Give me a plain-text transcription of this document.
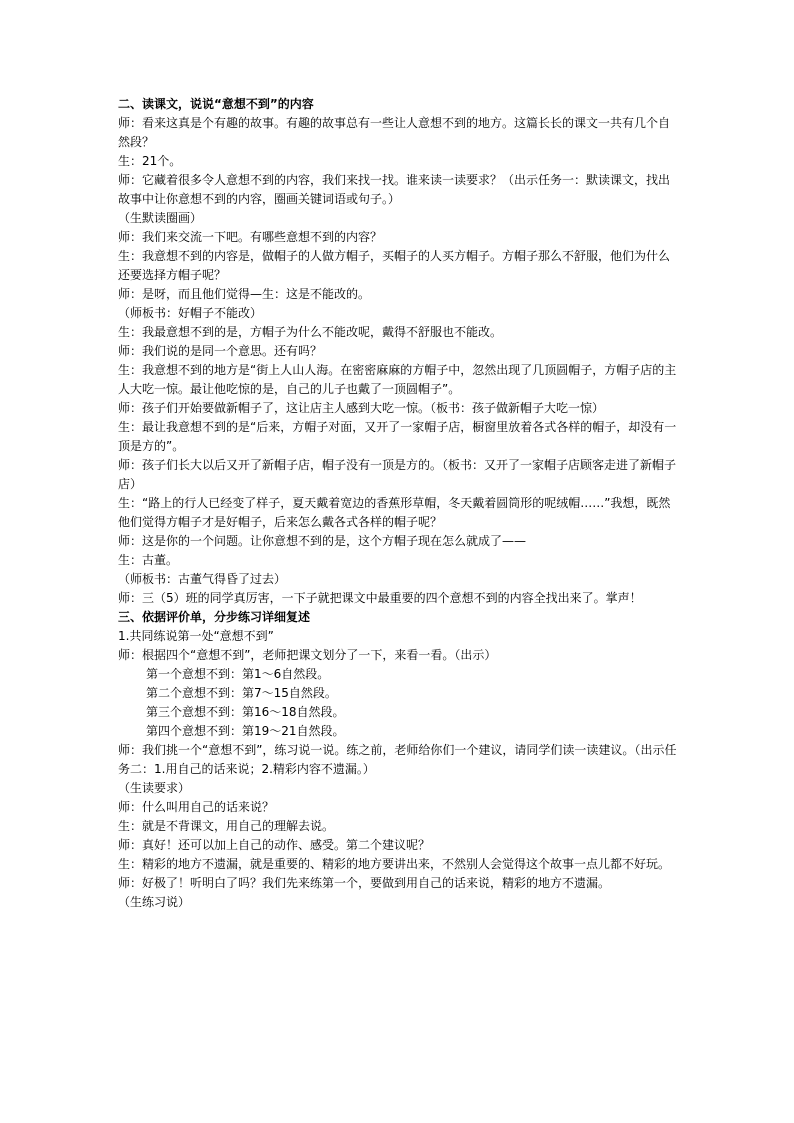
二、读课文，说说“意想不到”的内容

师：看来这真是个有趣的故事。有趣的故事总有一些让人意想不到的地方。这篇长长的课文一共有几个自然段？

生：21个。

师：它藏着很多令人意想不到的内容，我们来找一找。谁来读一读要求？（出示任务一：默读课文，找出故事中让你意想不到的内容，圈画关键词语或句子。）

（生默读圈画）

师：我们来交流一下吧。有哪些意想不到的内容？

生：我意想不到的内容是，做帽子的人做方帽子，买帽子的人买方帽子。方帽子那么不舒服，他们为什么还要选择方帽子呢？

师：是呀，而且他们觉得—生：这是不能改的。

（师板书：好帽子不能改）

生：我最意想不到的是，方帽子为什么不能改呢，戴得不舒服也不能改。

师：我们说的是同一个意思。还有吗？

生：我意想不到的地方是“街上人山人海。在密密麻麻的方帽子中，忽然出现了几顶圆帽子，方帽子店的主人大吃一惊。最让他吃惊的是，自己的儿子也戴了一顶圆帽子”。

师：孩子们开始要做新帽子了，这让店主人感到大吃一惊。（板书：孩子做新帽子大吃一惊）

生：最让我意想不到的是“后来，方帽子对面，又开了一家帽子店，橱窗里放着各式各样的帽子，却没有一顶是方的”。

师：孩子们长大以后又开了新帽子店，帽子没有一顶是方的。（板书：又开了一家帽子店顾客走进了新帽子店）

生：“路上的行人已经变了样子，夏天戴着宽边的香蕉形草帽，冬天戴着圆筒形的呢绒帽……”我想，既然他们觉得方帽子才是好帽子，后来怎么戴各式各样的帽子呢？

师：这是你的一个问题。让你意想不到的是，这个方帽子现在怎么就成了——

生：古董。

（师板书：古董气得昏了过去）

师：三（5）班的同学真厉害，一下子就把课文中最重要的四个意想不到的内容全找出来了。掌声！

三、依据评价单，分步练习详细复述

1.共同练说第一处“意想不到”

师：根据四个“意想不到”，老师把课文划分了一下，来看一看。（出示）

第一个意想不到：第1～6自然段。

第二个意想不到：第7～15自然段。

第三个意想不到：第16～18自然段。

第四个意想不到：第19～21自然段。

师：我们挑一个“意想不到”，练习说一说。练之前，老师给你们一个建议，请同学们读一读建议。（出示任务二：1.用自己的话来说；2.精彩内容不遗漏。）

（生读要求）

师：什么叫用自己的话来说？

生：就是不背课文，用自己的理解去说。

师：真好！还可以加上自己的动作、感受。第二个建议呢？

生：精彩的地方不遗漏，就是重要的、精彩的地方要讲出来，不然别人会觉得这个故事一点儿都不好玩。

师：好极了！听明白了吗？我们先来练第一个，要做到用自己的话来说，精彩的地方不遗漏。

（生练习说）
